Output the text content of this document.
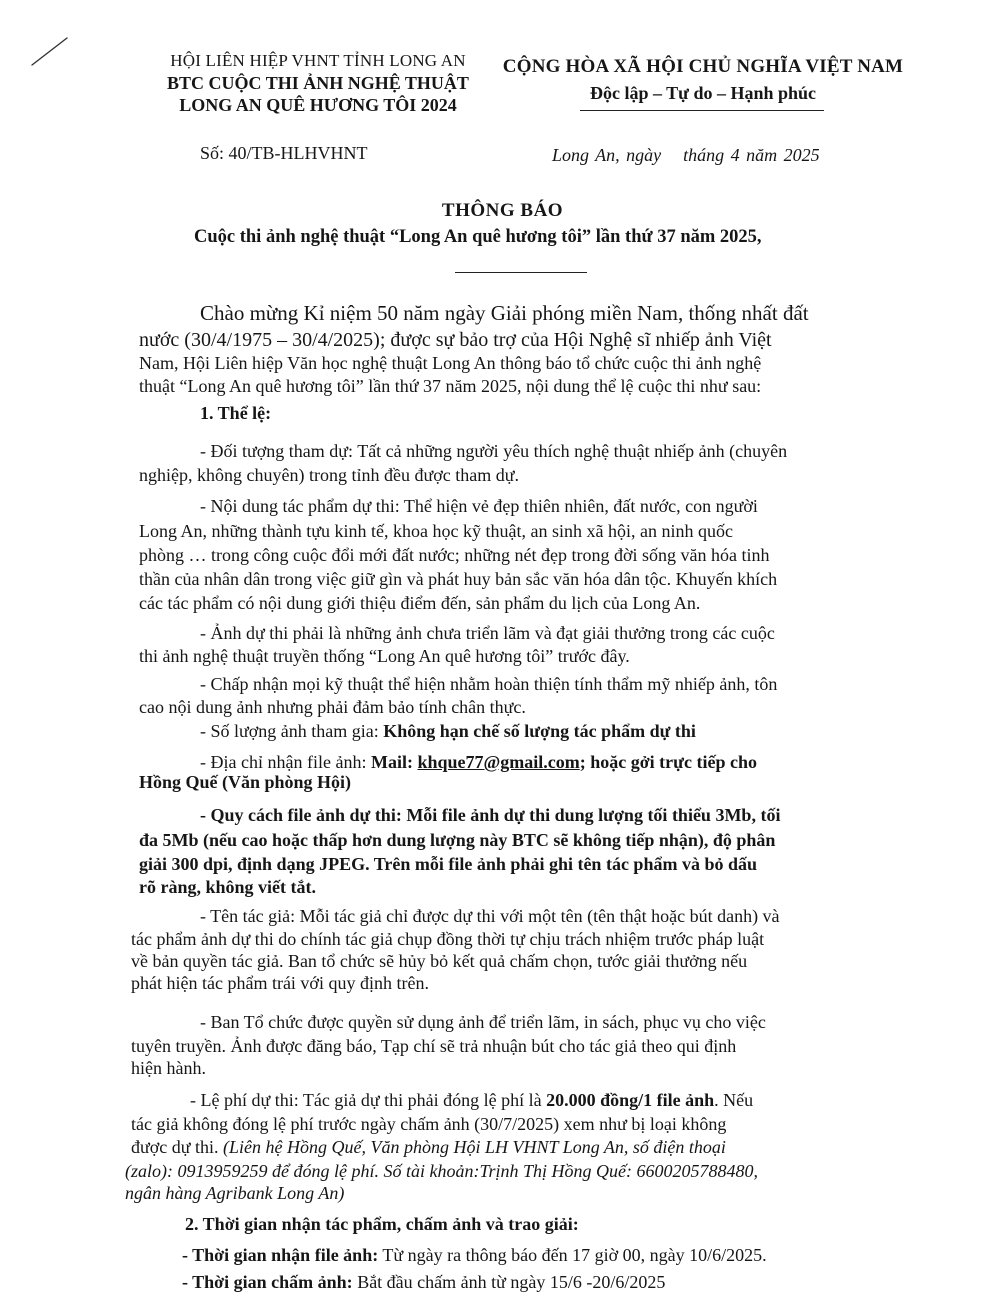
HỘI LIÊN HIỆP VHNT TỈNH LONG AN
BTC CUỘC THI ẢNH NGHỆ THUẬT
LONG AN QUÊ HƯƠNG TÔI 2024
CỘNG HÒA XÃ HỘI CHỦ NGHĨA VIỆT NAM
Độc lập – Tự do – Hạnh phúc
Số: 40/TB-HLHVHNT	Long An, ngày tháng 4 năm 2025
THÔNG BÁO
Cuộc thi ảnh nghệ thuật “Long An quê hương tôi” lần thứ 37 năm 2025,
Chào mừng Kỉ niệm 50 năm ngày Giải phóng miền Nam, thống nhất đất
nước (30/4/1975 – 30/4/2025); được sự bảo trợ của Hội Nghệ sĩ nhiếp ảnh Việt
Nam, Hội Liên hiệp Văn học nghệ thuật Long An thông báo tổ chức cuộc thi ảnh nghệ
thuật “Long An quê hương tôi” lần thứ 37 năm 2025, nội dung thể lệ cuộc thi như sau:
1. Thể lệ:
- Đối tượng tham dự: Tất cả những người yêu thích nghệ thuật nhiếp ảnh (chuyên
nghiệp, không chuyên) trong tỉnh đều được tham dự.
- Nội dung tác phẩm dự thi: Thể hiện vẻ đẹp thiên nhiên, đất nước, con người
Long An, những thành tựu kinh tế, khoa học kỹ thuật, an sinh xã hội, an ninh quốc
phòng … trong công cuộc đổi mới đất nước; những nét đẹp trong đời sống văn hóa tinh
thần của nhân dân trong việc giữ gìn và phát huy bản sắc văn hóa dân tộc. Khuyến khích
các tác phẩm có nội dung giới thiệu điểm đến, sản phẩm du lịch của Long An.
- Ảnh dự thi phải là những ảnh chưa triển lãm và đạt giải thưởng trong các cuộc
thi ảnh nghệ thuật truyền thống “Long An quê hương tôi” trước đây.
- Chấp nhận mọi kỹ thuật thể hiện nhằm hoàn thiện tính thẩm mỹ nhiếp ảnh, tôn
cao nội dung ảnh nhưng phải đảm bảo tính chân thực.
- Số lượng ảnh tham gia: Không hạn chế số lượng tác phẩm dự thi
- Địa chỉ nhận file ảnh: Mail: khque77@gmail.com; hoặc gởi trực tiếp cho
Hồng Quế (Văn phòng Hội)
- Quy cách file ảnh dự thi: Mỗi file ảnh dự thi dung lượng tối thiểu 3Mb, tối
đa 5Mb (nếu cao hoặc thấp hơn dung lượng này BTC sẽ không tiếp nhận), độ phân
giải 300 dpi, định dạng JPEG. Trên mỗi file ảnh phải ghi tên tác phẩm và bỏ dấu
rõ ràng, không viết tắt.
- Tên tác giả: Mỗi tác giả chỉ được dự thi với một tên (tên thật hoặc bút danh) và
tác phẩm ảnh dự thi do chính tác giả chụp đồng thời tự chịu trách nhiệm trước pháp luật
về bản quyền tác giả. Ban tổ chức sẽ hủy bỏ kết quả chấm chọn, tước giải thưởng nếu
phát hiện tác phẩm trái với quy định trên.
- Ban Tổ chức được quyền sử dụng ảnh để triển lãm, in sách, phục vụ cho việc
tuyên truyền. Ảnh được đăng báo, Tạp chí sẽ trả nhuận bút cho tác giả theo qui định
hiện hành.
- Lệ phí dự thi: Tác giả dự thi phải đóng lệ phí là 20.000 đồng/1 file ảnh. Nếu
tác giả không đóng lệ phí trước ngày chấm ảnh (30/7/2025) xem như bị loại không
được dự thi. (Liên hệ Hồng Quế, Văn phòng Hội LH VHNT Long An, số điện thoại
(zalo): 0913959259 để đóng lệ phí. Số tài khoản:Trịnh Thị Hồng Quế: 6600205788480,
ngân hàng Agribank Long An)
2. Thời gian nhận tác phẩm, chấm ảnh và trao giải:
- Thời gian nhận file ảnh: Từ ngày ra thông báo đến 17 giờ 00, ngày 10/6/2025.
- Thời gian chấm ảnh: Bắt đầu chấm ảnh từ ngày 15/6 -20/6/2025
